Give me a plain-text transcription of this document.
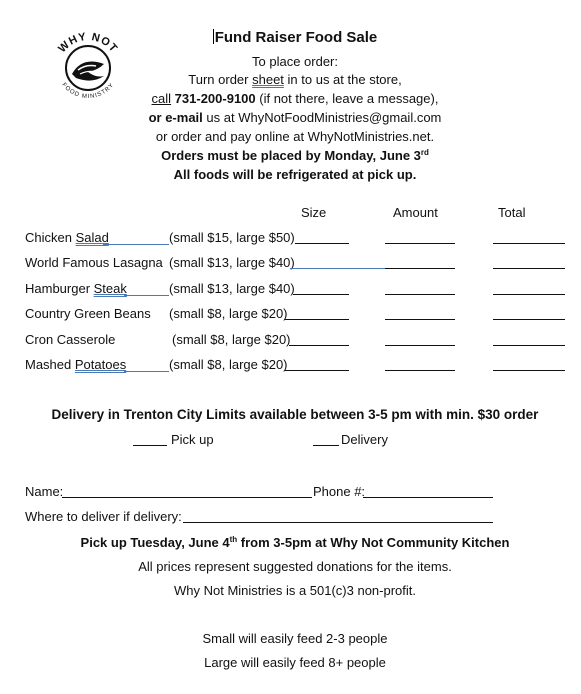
WHY NOT
FOOD MINISTRY
Fund Raiser Food Sale
To place order:
Turn order sheet in to us at the store,
call 731-200-9100 (if not there, leave a message),
or e-mail us at WhyNotFoodMinistries@gmail.com
or order and pay online at WhyNotMinistries.net.
Orders must be placed by Monday, June 3rd
All foods will be refrigerated at pick up.
Size	Amount	Total
Chicken Salad	(small $15, large $50)
World Famous Lasagna (small $13, large $40)
Hamburger Steak	(small $13, large $40)
Country Green Beans (small $8, large $20)
Cron Casserole	(small $8, large $20)
Mashed Potatoes	(small $8, large $20)
Delivery in Trenton City Limits available between 3-5 pm with min. $30 order
Pick up	Delivery
Name:	Phone #:
Where to deliver if delivery:
Pick up Tuesday, June 4th from 3-5pm at Why Not Community Kitchen
All prices represent suggested donations for the items.
Why Not Ministries is a 501(c)3 non-profit.
Small will easily feed 2-3 people
Large will easily feed 8+ people
